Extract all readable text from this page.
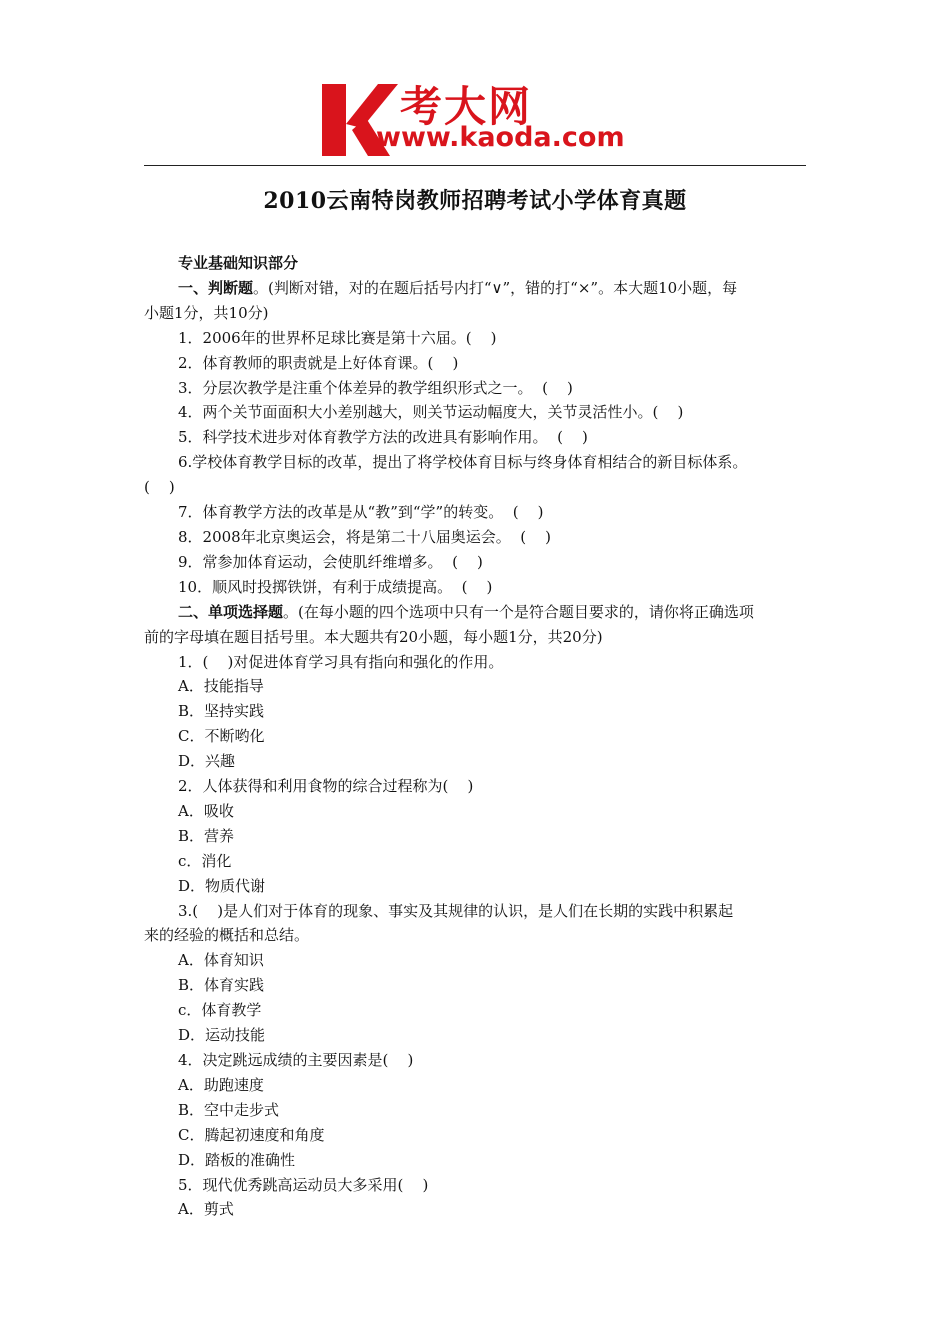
考大网
www.kaoda.com
2010云南特岗教师招聘考试小学体育真题

专业基础知识部分

一、判断题。(判断对错，对的在题后括号内打“∨”，错的打“×”。本大题10小题，每

小题1分，共10分)

1．2006年的世界杯足球比赛是第十六届。(    )

2．体育教师的职责就是上好体育课。(    )

3．分层次教学是注重个体差异的教学组织形式之一。  (    )

4．两个关节面面积大小差别越大，则关节运动幅度大，关节灵活性小。(    )

5．科学技术进步对体育教学方法的改进具有影响作用。  (    )

6.学校体育教学目标的改革，提出了将学校体育目标与终身体育相结合的新目标体系。

(    )

7．体育教学方法的改革是从“教”到“学”的转变。  (    )

8．2008年北京奥运会，将是第二十八届奥运会。  (    )

9．常参加体育运动，会使肌纤维增多。  (    )

10．顺风时投掷铁饼，有利于成绩提高。  (    )

二、单项选择题。(在每小题的四个选项中只有一个是符合题目要求的，请你将正确选项

前的字母填在题目括号里。本大题共有20小题，每小题1分，共20分)

1．(    )对促进体育学习具有指向和强化的作用。

A．技能指导

B．坚持实践

C．不断哟化

D．兴趣

2．人体获得和利用食物的综合过程称为(    )

A．吸收

B．营养

c．消化

D．物质代谢

3.(    )是人们对于体育的现象、事实及其规律的认识，是人们在长期的实践中积累起

来的经验的概括和总结。

A．体育知识

B．体育实践

c．体育教学

D．运动技能

4．决定跳远成绩的主要因素是(    )

A．助跑速度

B．空中走步式

C．腾起初速度和角度

D．踏板的准确性

5．现代优秀跳高运动员大多采用(    )

A．剪式
